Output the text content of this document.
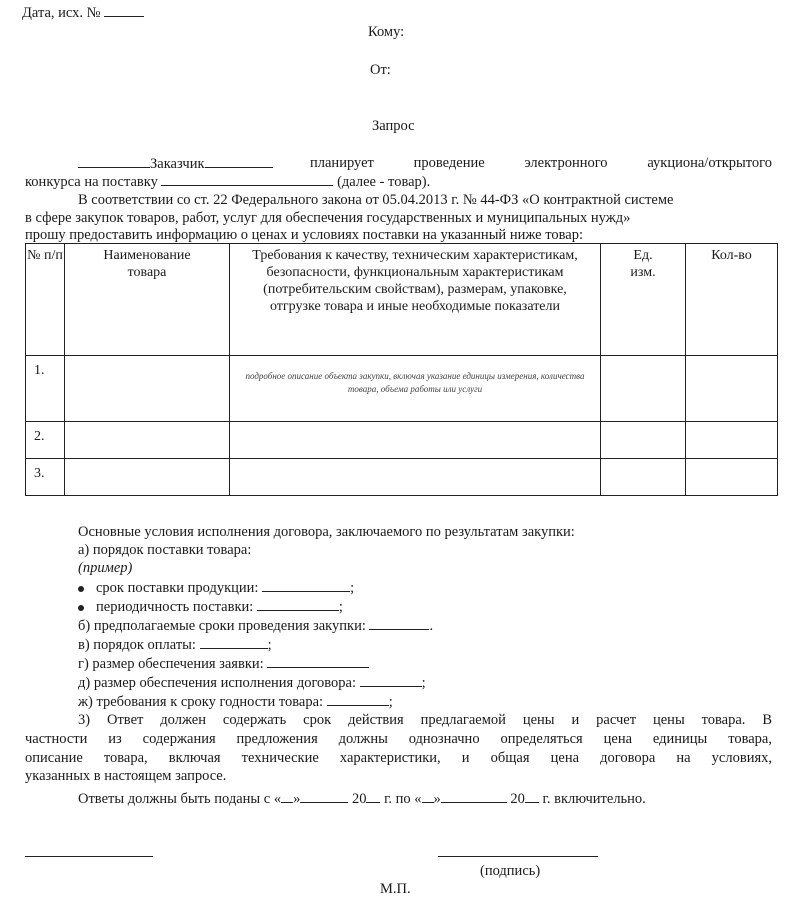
Дата, исх. №
Кому:
От:
Запрос
Заказчик	планирует проведение электронного аукциона/открытого
конкурса на поставку	(далее - товар).
В соответствии со ст. 22 Федерального закона от 05.04.2013 г. № 44-ФЗ «О контрактной системе
в сфере закупок товаров, работ, услуг для обеспечения государственных и муниципальных нужд»
прошу предоставить информацию о ценах и условиях поставки на указанный ниже товар:
№ п/п	Наименование товара	Требования к качеству, техническим характеристикам, безопасности, функциональным характеристикам (потребительским свойствам), размерам, упаковке, отгрузке товара и иные необходимые показатели	Ед. изм.	Кол-во
1.		подробное описание объекта закупки, включая указание единицы измерения, количества товара, объема работы или услуги		

2.				
3.				
Основные условия исполнения договора, заключаемого по результатам закупки:
а) порядок поставки товара:
(пример)
срок поставки продукции:	;
периодичность поставки:	;
б) предполагаемые сроки проведения закупки:	.
в) порядок оплаты:	;
г) размер обеспечения заявки:
д) размер обеспечения исполнения договора:	;
ж) требования к сроку годности товара:	;
3) Ответ должен содержать срок действия предлагаемой цены и расчет цены товара. В
частности из содержания предложения должны однозначно определяться цена единицы товара,
описание товара, включая технические характеристики, и общая цена договора на условиях,
указанных в настоящем запросе.
Ответы должны быть поданы с « »	20 г. по « »	20 г. включительно.
(подпись)
М.П.
